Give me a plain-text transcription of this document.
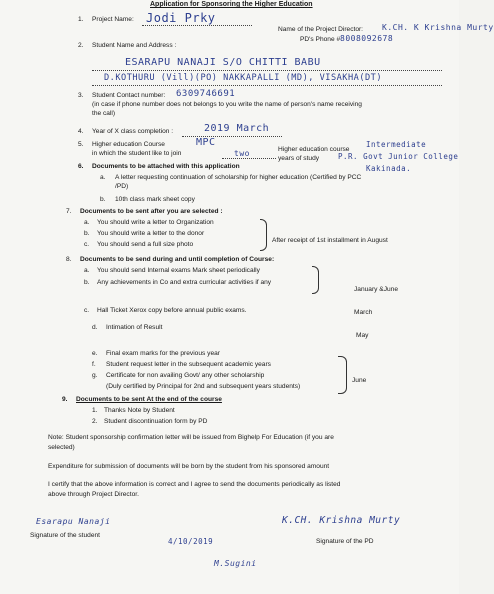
Application for Sponsoring the Higher Education
1. Project Name: Jodi Prky
Name of the Project Director: K.CH. K Krishna Murty
PD's Phone # 8008092678
2. Student Name and Address :
ESARAPU NANAJI S/O CHITTI BABU
D.KOTHURU (Vill)(PO) NAKKAPALLI (MD), VISAKHA(DT)
3. Student Contact number: 6309746691
(in case if phone number does not belongs to you write the name of person's name receiving
the call)
4. Year of X class completion :	2019 March
5. Higher education Course
in which the student like to join
MPC
two	Higher education course
years of study
Intermediate
P.R. Govt Junior College
Kakinada.
6. Documents to be attached with this application
a. A letter requesting continuation of scholarship for higher education (Certified by PCC
/PD)
b. 10th class mark sheet copy
7. Documents to be sent after you are selected :
a. You should write a letter to Organization
b. You should write a letter to the donor
c. You should send a full size photo
After receipt of 1st installment in August
8. Documents to be send during and until completion of Course:
a. You should send Internal exams Mark sheet periodically
b. Any achievements in Co and extra curricular activities if any
January &June
c. Hall Ticket Xerox copy before annual public exams.	March
d. Intimation of Result
May
e. Final exam marks for the previous year
f. Student request letter in the subsequent academic years
g. Certificate for non availing Govt/ any other scholarship
(Duly certified by Principal for 2nd and subsequent years students)
June
9. Documents to be sent At the end of the course
1. Thanks Note by Student
2. Student discontinuation form by PD
Note: Student sponsorship confirmation letter will be issued from Bighelp For Education (if you are
selected)
Expenditure for submission of documents will be born by the student from his sponsored amount
I certify that the above information is correct and I agree to send the documents periodically as listed
above through Project Director.
Esarapu Nanaji
Signature of the student
4/10/2019
K.CH. Krishna Murty
Signature of the PD
M.Sugini
